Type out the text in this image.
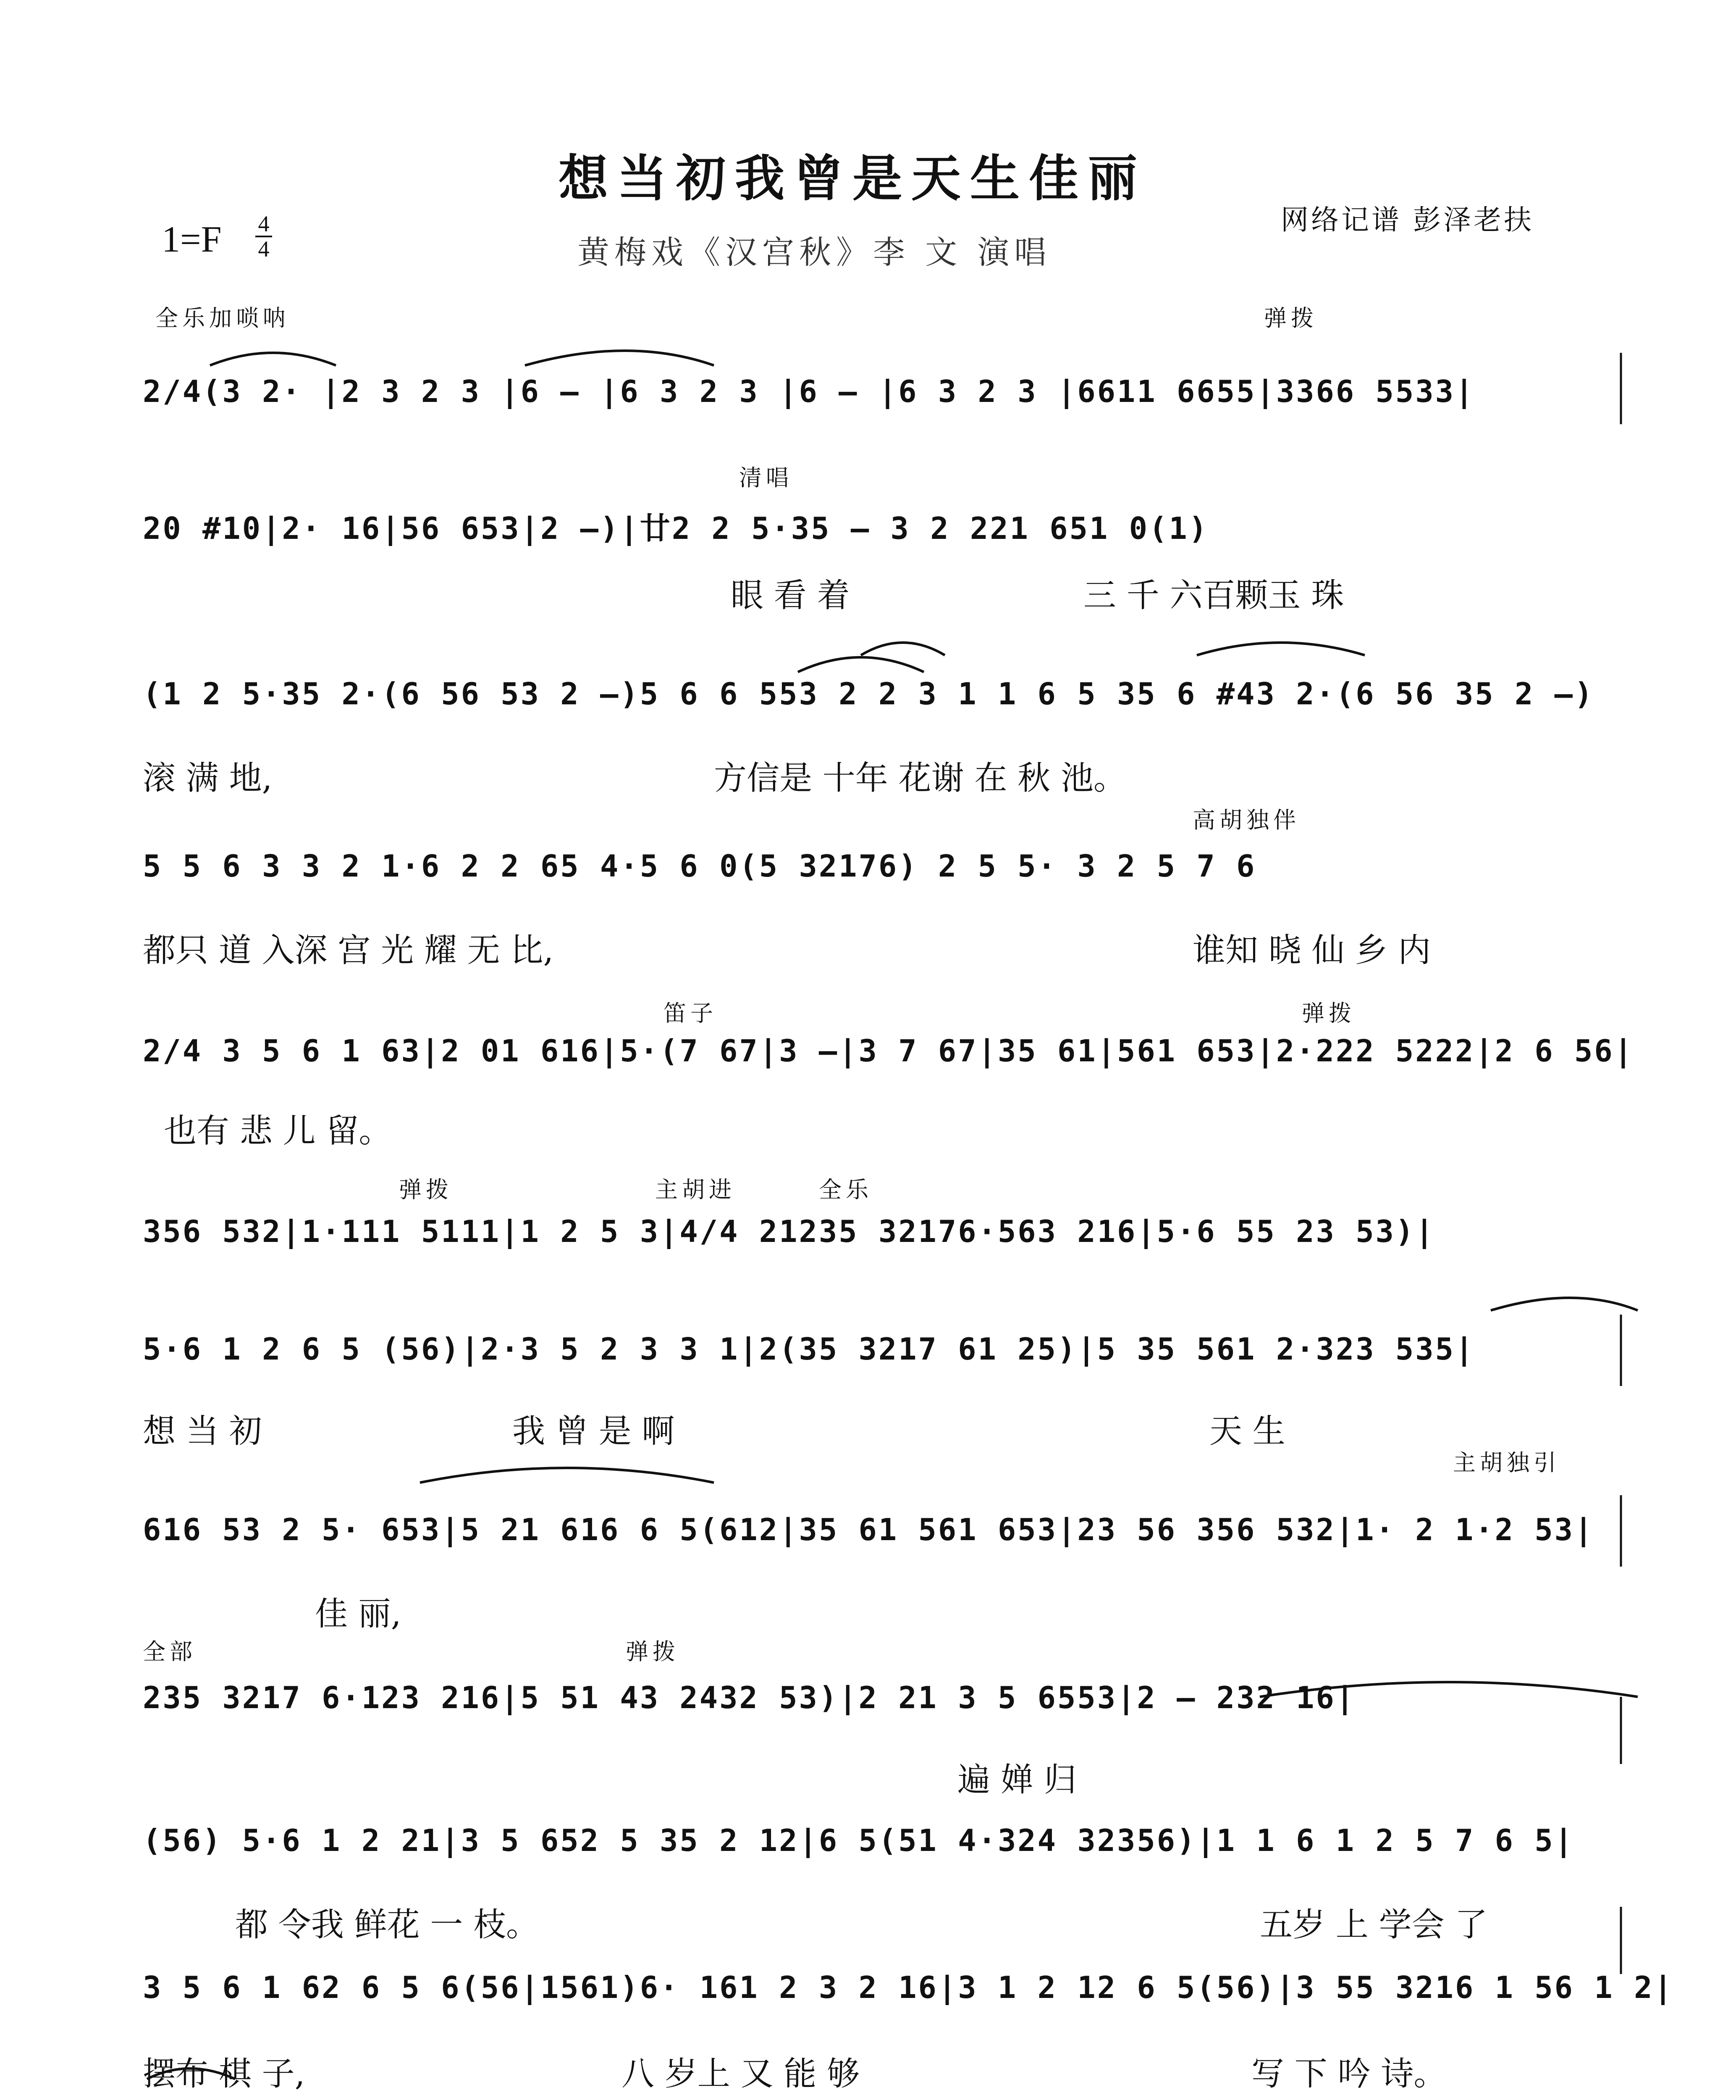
想当初我曾是天生佳丽
黄梅戏《汉宫秋》李 文 演唱
网络记谱 彭泽老扶
1=F 4
4
全乐加唢呐	弹拨
2/4(3 2· |2 3 2 3 |6 – |6 3 2 3 |6 – |6 3 2 3 |6611 6655|3366 5533|
清唱
20 #10|2· 16|56 653|2 –)|廿2 2 5·35 – 3 2 221 651 0(1)
眼 看 着	三 千 六百颗玉 珠
(1 2 5·35 2·(6 56 53 2 –)5 6 6 553 2 2 3 1 1 6 5 35 6 #43 2·(6 56 35 2 –)
滚 满 地,	方信是 十年 花谢 在 秋 池。
高胡独伴
5 5 6 3 3 2 1·6 2 2 65 4·5 6 0(5 32176) 2 5 5· 3 2 5 7 6
都只 道 入深 宫 光 耀 无 比,	谁知 晓 仙 乡 内
笛子	弹拨
2/4 3 5 6 1 63|2 01 616|5·(7 67|3 –|3 7 67|35 61|561 653|2·222 5222|2 6 56|
也有 悲 儿 留。
弹拨	主胡进	全乐
356 532|1·111 5111|1 2 5 3|4/4 21235 32176·563 216|5·6 55 23 53)|
5·6 1 2 6 5 (56)|2·3 5 2 3 3 1|2(35 3217 61 25)|5 35 561 2·323 535|
想 当 初	我 曾 是 啊	天 生
主胡独引
616 53 2 5· 653|5 21 616 6 5(612|35 61 561 653|23 56 356 532|1· 2 1·2 53|
佳 丽,
全部	弹拨
235 3217 6·123 216|5 51 43 2432 53)|2 21 3 5 6553|2 – 232 16|
遍 婵 归
(56) 5·6 1 2 21|3 5 652 5 35 2 12|6 5(51 4·324 32356)|1 1 6 1 2 5 7 6 5|
都 令我 鲜花 一 枝。	五岁 上 学会 了
3 5 6 1 62 6 5 6(56|1561)6· 161 2 3 2 16|3 1 2 12 6 5(56)|3 55 3216 1 56 1 2|
摆布 棋 子,	八 岁上 又 能 够	写 下 吟 诗。
